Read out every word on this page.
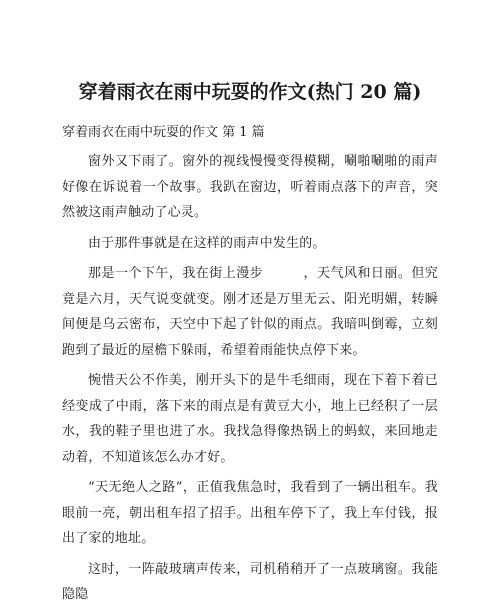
穿着雨衣在雨中玩耍的作文(热门 20 篇)

穿着雨衣在雨中玩耍的作文 第 1 篇

窗外又下雨了。窗外的视线慢慢变得模糊，唰啪唰啪的雨声好像在诉说着一个故事。我趴在窗边，听着雨点落下的声音，突然被这雨声触动了心灵。

由于那件事就是在这样的雨声中发生的。

那是一个下午，我在街上漫步　　　，天气风和日丽。但究竟是六月，天气说变就变。刚才还是万里无云、阳光明媚，转瞬间便是乌云密布，天空中下起了针似的雨点。我暗叫倒霉，立刻跑到了最近的屋檐下躲雨，希望着雨能快点停下来。

惋惜天公不作美，刚开头下的是牛毛细雨，现在下着下着已经变成了中雨，落下来的雨点是有黄豆大小，地上已经积了一层水，我的鞋子里也进了水。我找急得像热锅上的蚂蚁，来回地走动着，不知道该怎么办才好。

“天无绝人之路”，正值我焦急时，我看到了一辆出租车。我眼前一亮，朝出租车招了招手。出租车停下了，我上车付钱，报出了家的地址。

这时，一阵敲玻璃声传来，司机稍稍开了一点玻璃窗。我能隐隐
